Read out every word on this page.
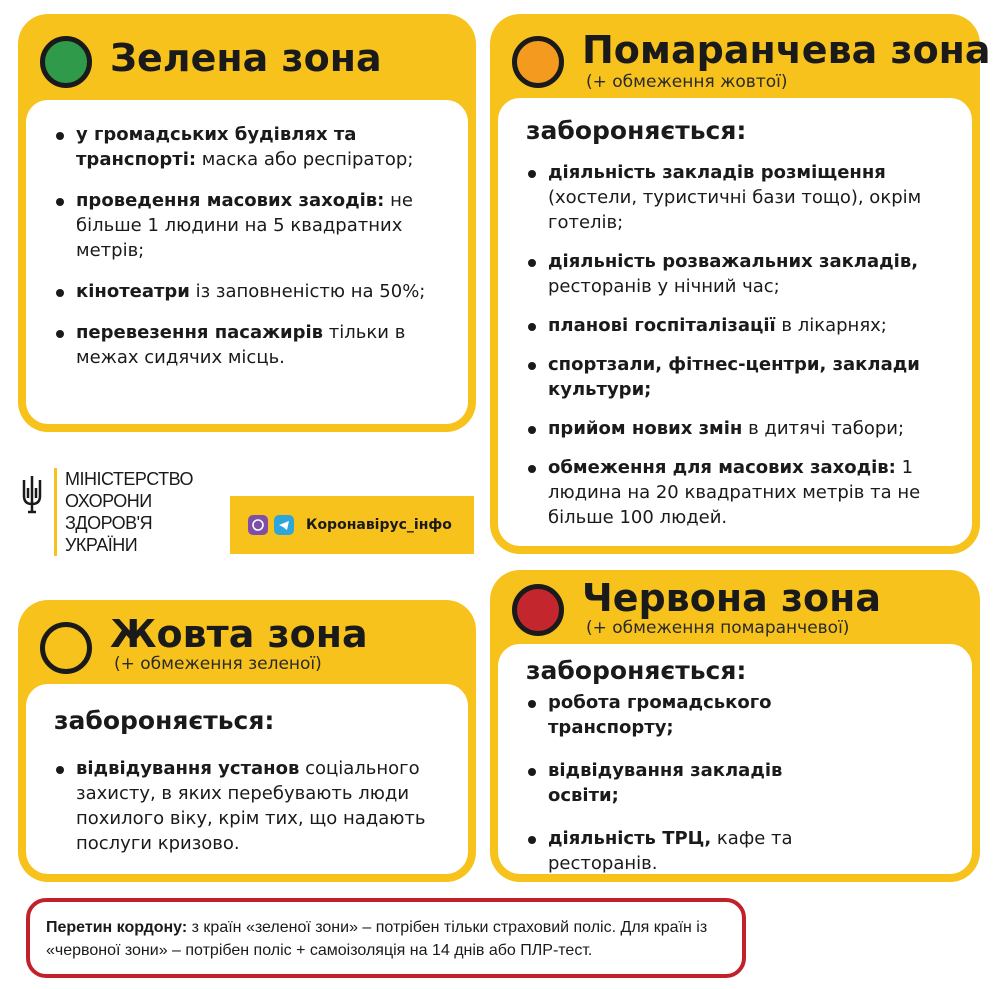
Зелена зона
у громадських будівлях та транспорті: маска або респіратор;
проведення масових заходів: не більше 1 людини на 5 квадратних метрів;
кінотеатри із заповненістю на 50%;
перевезення пасажирів тільки в межах сидячих місць.
Помаранчева зона
(+ обмеження жовтої)
забороняється:
діяльність закладів розміщення (хостели, туристичні бази тощо), окрім готелів;
діяльність розважальних закладів, ресторанів у нічний час;
планові госпіталізації в лікарнях;
спортзали, фітнес-центри, заклади культури;
прийом нових змін в дитячі табори;
обмеження для масових заходів: 1 людина на 20 квадратних метрів та не більше 100 людей.
МІНІСТЕРСТВО
ОХОРОНИ
ЗДОРОВ'Я
УКРАЇНИ
Коронавірус_інфо
Жовта зона
(+ обмеження зеленої)
забороняється:
відвідування установ соціального захисту, в яких перебувають люди похилого віку, крім тих, що надають послуги кризово.
Червона зона
(+ обмеження помаранчевої)
забороняється:
робота громадського транспорту;
відвідування закладів освіти;
діяльність ТРЦ, кафе та ресторанів.
Перетин кордону: з країн «зеленої зони» – потрібен тільки страховий поліс. Для країн із «червоної зони» – потрібен поліс + самоізоляція на 14 днів або ПЛР-тест.
